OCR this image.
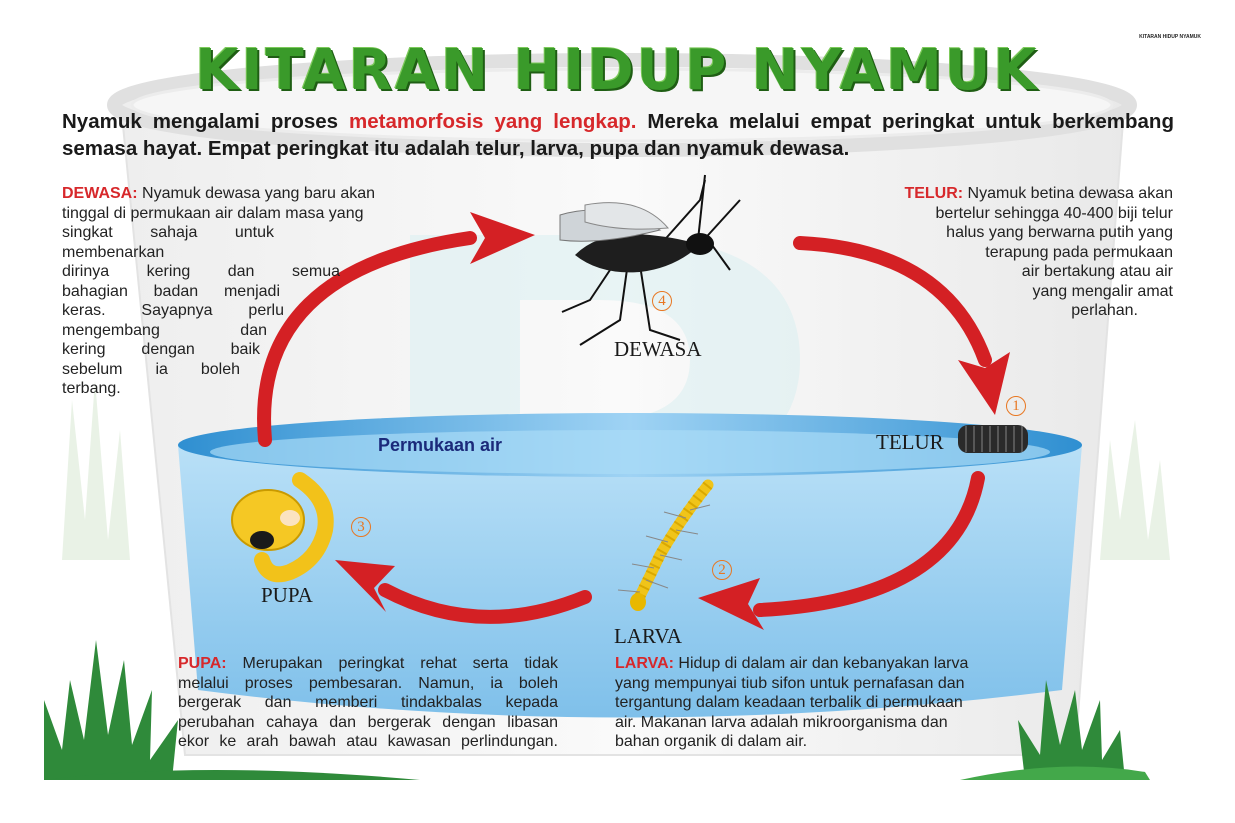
KITARAN HIDUP NYAMUK
KITARAN HIDUP NYAMUK
Nyamuk mengalami proses metamorfosis yang lengkap. Mereka melalui empat peringkat untuk berkembang semasa hayat. Empat peringkat itu adalah telur, larva, pupa dan nyamuk dewasa.
DEWASA: Nyamuk dewasa yang baru akan
tinggal di permukaan air dalam masa yang
singkat sahaja untuk membenarkan
dirinya kering dan semua
bahagian badan menjadi
keras. Sayapnya perlu
mengembang dan
kering dengan baik
sebelum ia boleh
terbang.
TELUR: Nyamuk betina dewasa akan
bertelur sehingga 40-400 biji telur
halus yang berwarna putih yang
terapung pada permukaan
air bertakung atau air
yang mengalir amat
perlahan.
PUPA: Merupakan peringkat rehat serta tidak
melalui proses pembesaran. Namun, ia boleh
bergerak dan memberi tindakbalas kepada
perubahan cahaya dan bergerak dengan libasan
ekor ke arah bawah atau kawasan perlindungan.
LARVA: Hidup di dalam air dan kebanyakan larva
yang mempunyai tiub sifon untuk pernafasan dan
tergantung dalam keadaan terbalik di permukaan
air. Makanan larva adalah mikroorganisma dan
bahan organik di dalam air.
Permukaan air
4
DEWASA
1
TELUR
2
LARVA
3
PUPA
